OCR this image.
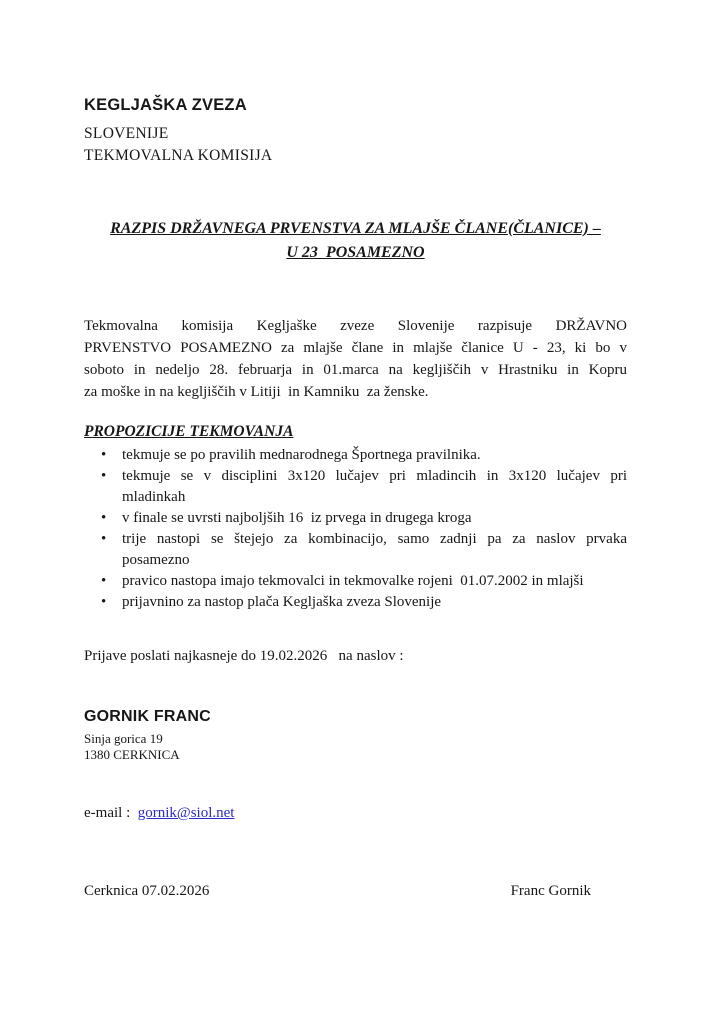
KEGLJAŠKA ZVEZA
SLOVENIJE
TEKMOVALNA KOMISIJA
RAZPIS DRŽAVNEGA PRVENSTVA ZA MLAJŠE ČLANE(ČLANICE) –
U 23  POSAMEZNO
Tekmovalna komisija Kegljaške zveze Slovenije razpisuje DRŽAVNO
PRVENSTVO POSAMEZNO za mlajše člane in mlajše članice U - 23, ki bo v
soboto in nedeljo 28. februarja in 01.marca na kegljiščih v Hrastniku in Kopru
za moške in na kegljiščih v Litiji  in Kamniku  za ženske.
PROPOZICIJE TEKMOVANJA
•	tekmuje se po pravilih mednarodnega Športnega pravilnika.
•	tekmuje se v disciplini 3x120 lučajev pri mladincih in 3x120 lučajev pri
mladinkah
•	v finale se uvrsti najboljših 16  iz prvega in drugega kroga
•	trije nastopi se štejejo za kombinacijo, samo zadnji pa za naslov prvaka
posamezno
•	pravico nastopa imajo tekmovalci in tekmovalke rojeni  01.07.2002 in mlajši
•	prijavnino za nastop plača Kegljaška zveza Slovenije
Prijave poslati najkasneje do 19.02.2026   na naslov :
GORNIK FRANC
Sinja gorica 19
1380 CERKNICA
e-mail :  gornik@siol.net
Cerknica 07.02.2026	Franc Gornik
